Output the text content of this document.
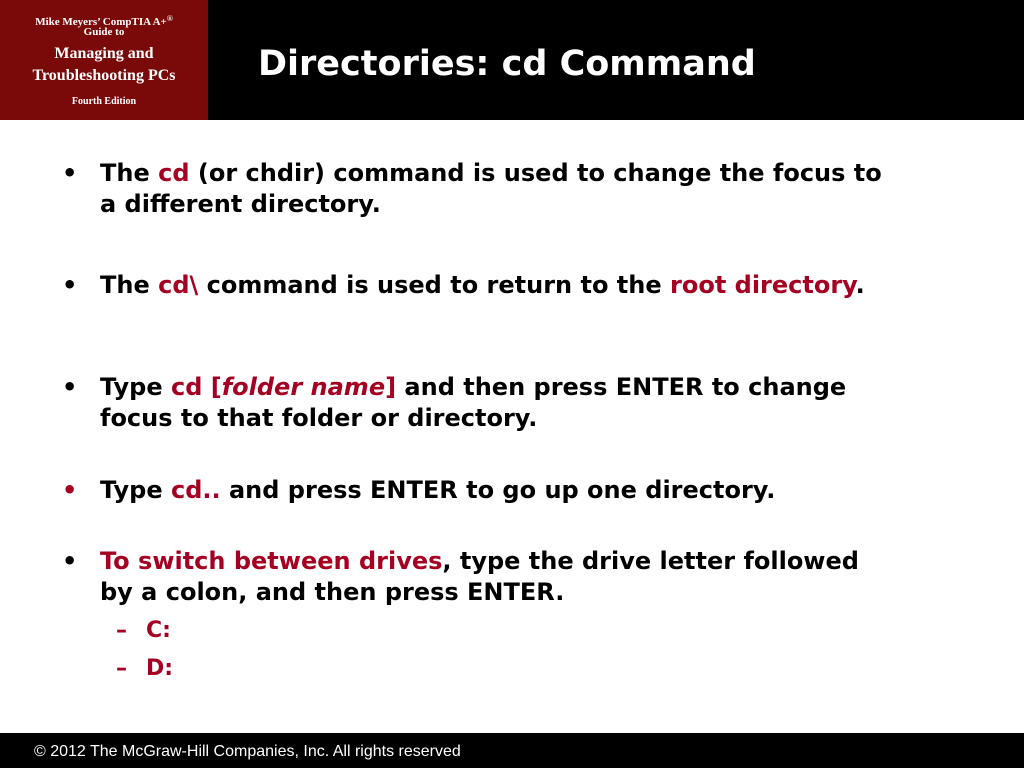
Mike Meyers’ CompTIA A+®
Guide to
Managing and
Troubleshooting PCs
Fourth Edition
Directories: cd Command
• The cd (or chdir) command is used to change the focus to a different directory.
• The cd\ command is used to return to the root directory.
• Type cd [folder name] and then press ENTER to change focus to that folder or directory.
• Type cd.. and press ENTER to go up one directory.
• To switch between drives, type the drive letter followed by a colon, and then press ENTER.
– C:
– D:
© 2012 The McGraw-Hill Companies, Inc. All rights reserved
